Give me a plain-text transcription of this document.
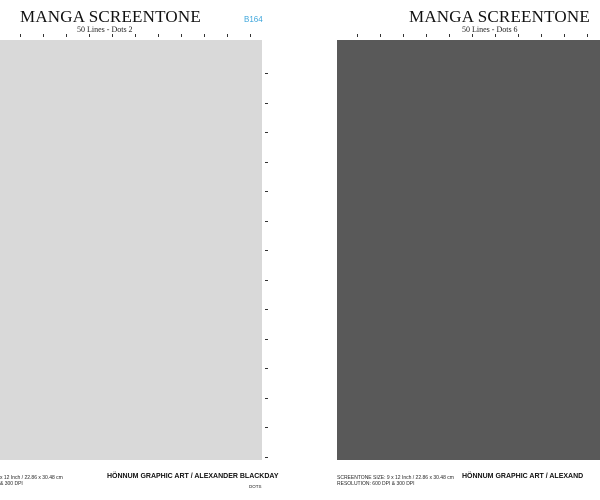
MANGA SCREENTONE

50 Lines - Dots 2

B164

x 12 Inch / 22.86 x 30.48 cm

& 300 DPI

HÖNNUM GRAPHIC ART / ALEXANDER BLACKDAY
DOTS
MANGA SCREENTONE

50 Lines - Dots 6

SCREENTONE SIZE: 9 x 12 Inch / 22.86 x 30.48 cm

RESOLUTION: 600 DPI & 300 DPI

HÖNNUM GRAPHIC ART / ALEXAND
